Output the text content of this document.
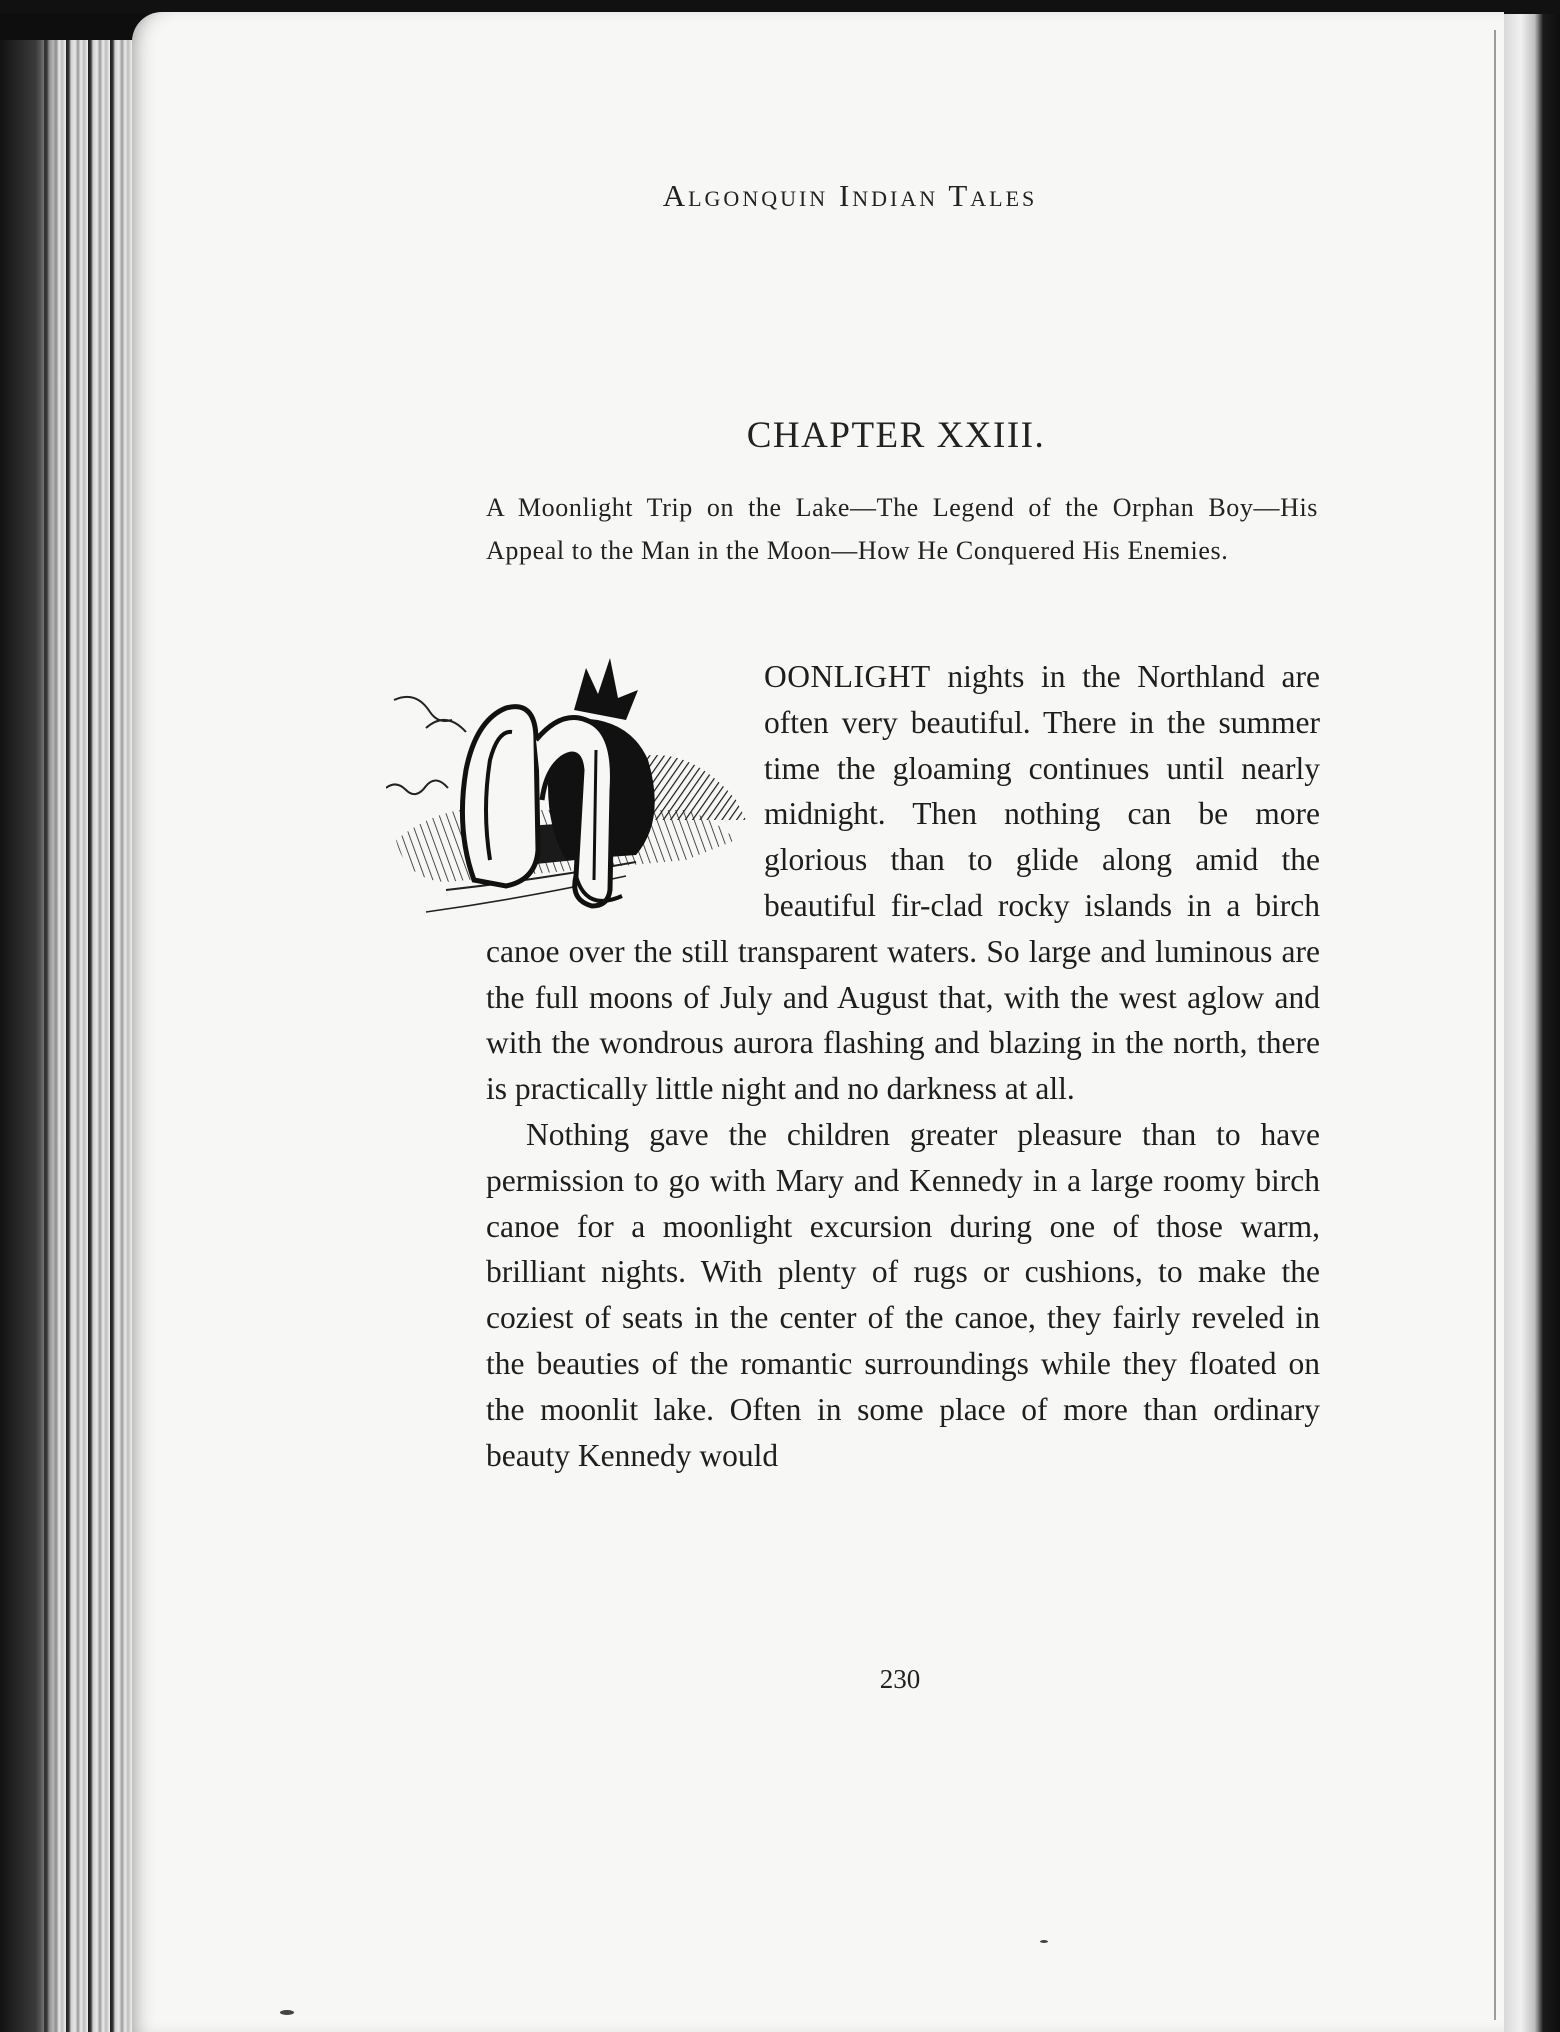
Algonquin Indian Tales
CHAPTER XXIII.
A Moonlight Trip on the Lake—The Legend of the Orphan Boy—His Appeal to the Man in the Moon—How He Conquered His Enemies.

OONLIGHT nights in the Northland are often very beautiful. There in the summer time the gloaming continues until nearly midnight. Then nothing can be more glorious than to glide along amid the beautiful fir-clad rocky islands in a birch canoe over the still transparent waters. So large and luminous are the full moons of July and August that, with the west aglow and with the wondrous aurora flashing and blazing in the north, there is practically little night and no darkness at all.

Nothing gave the children greater pleasure than to have permission to go with Mary and Kennedy in a large roomy birch canoe for a moonlight excursion during one of those warm, brilliant nights. With plenty of rugs or cushions, to make the coziest of seats in the center of the canoe, they fairly reveled in the beauties of the romantic surroundings while they floated on the moonlit lake. Often in some place of more than ordinary beauty Kennedy would

230
